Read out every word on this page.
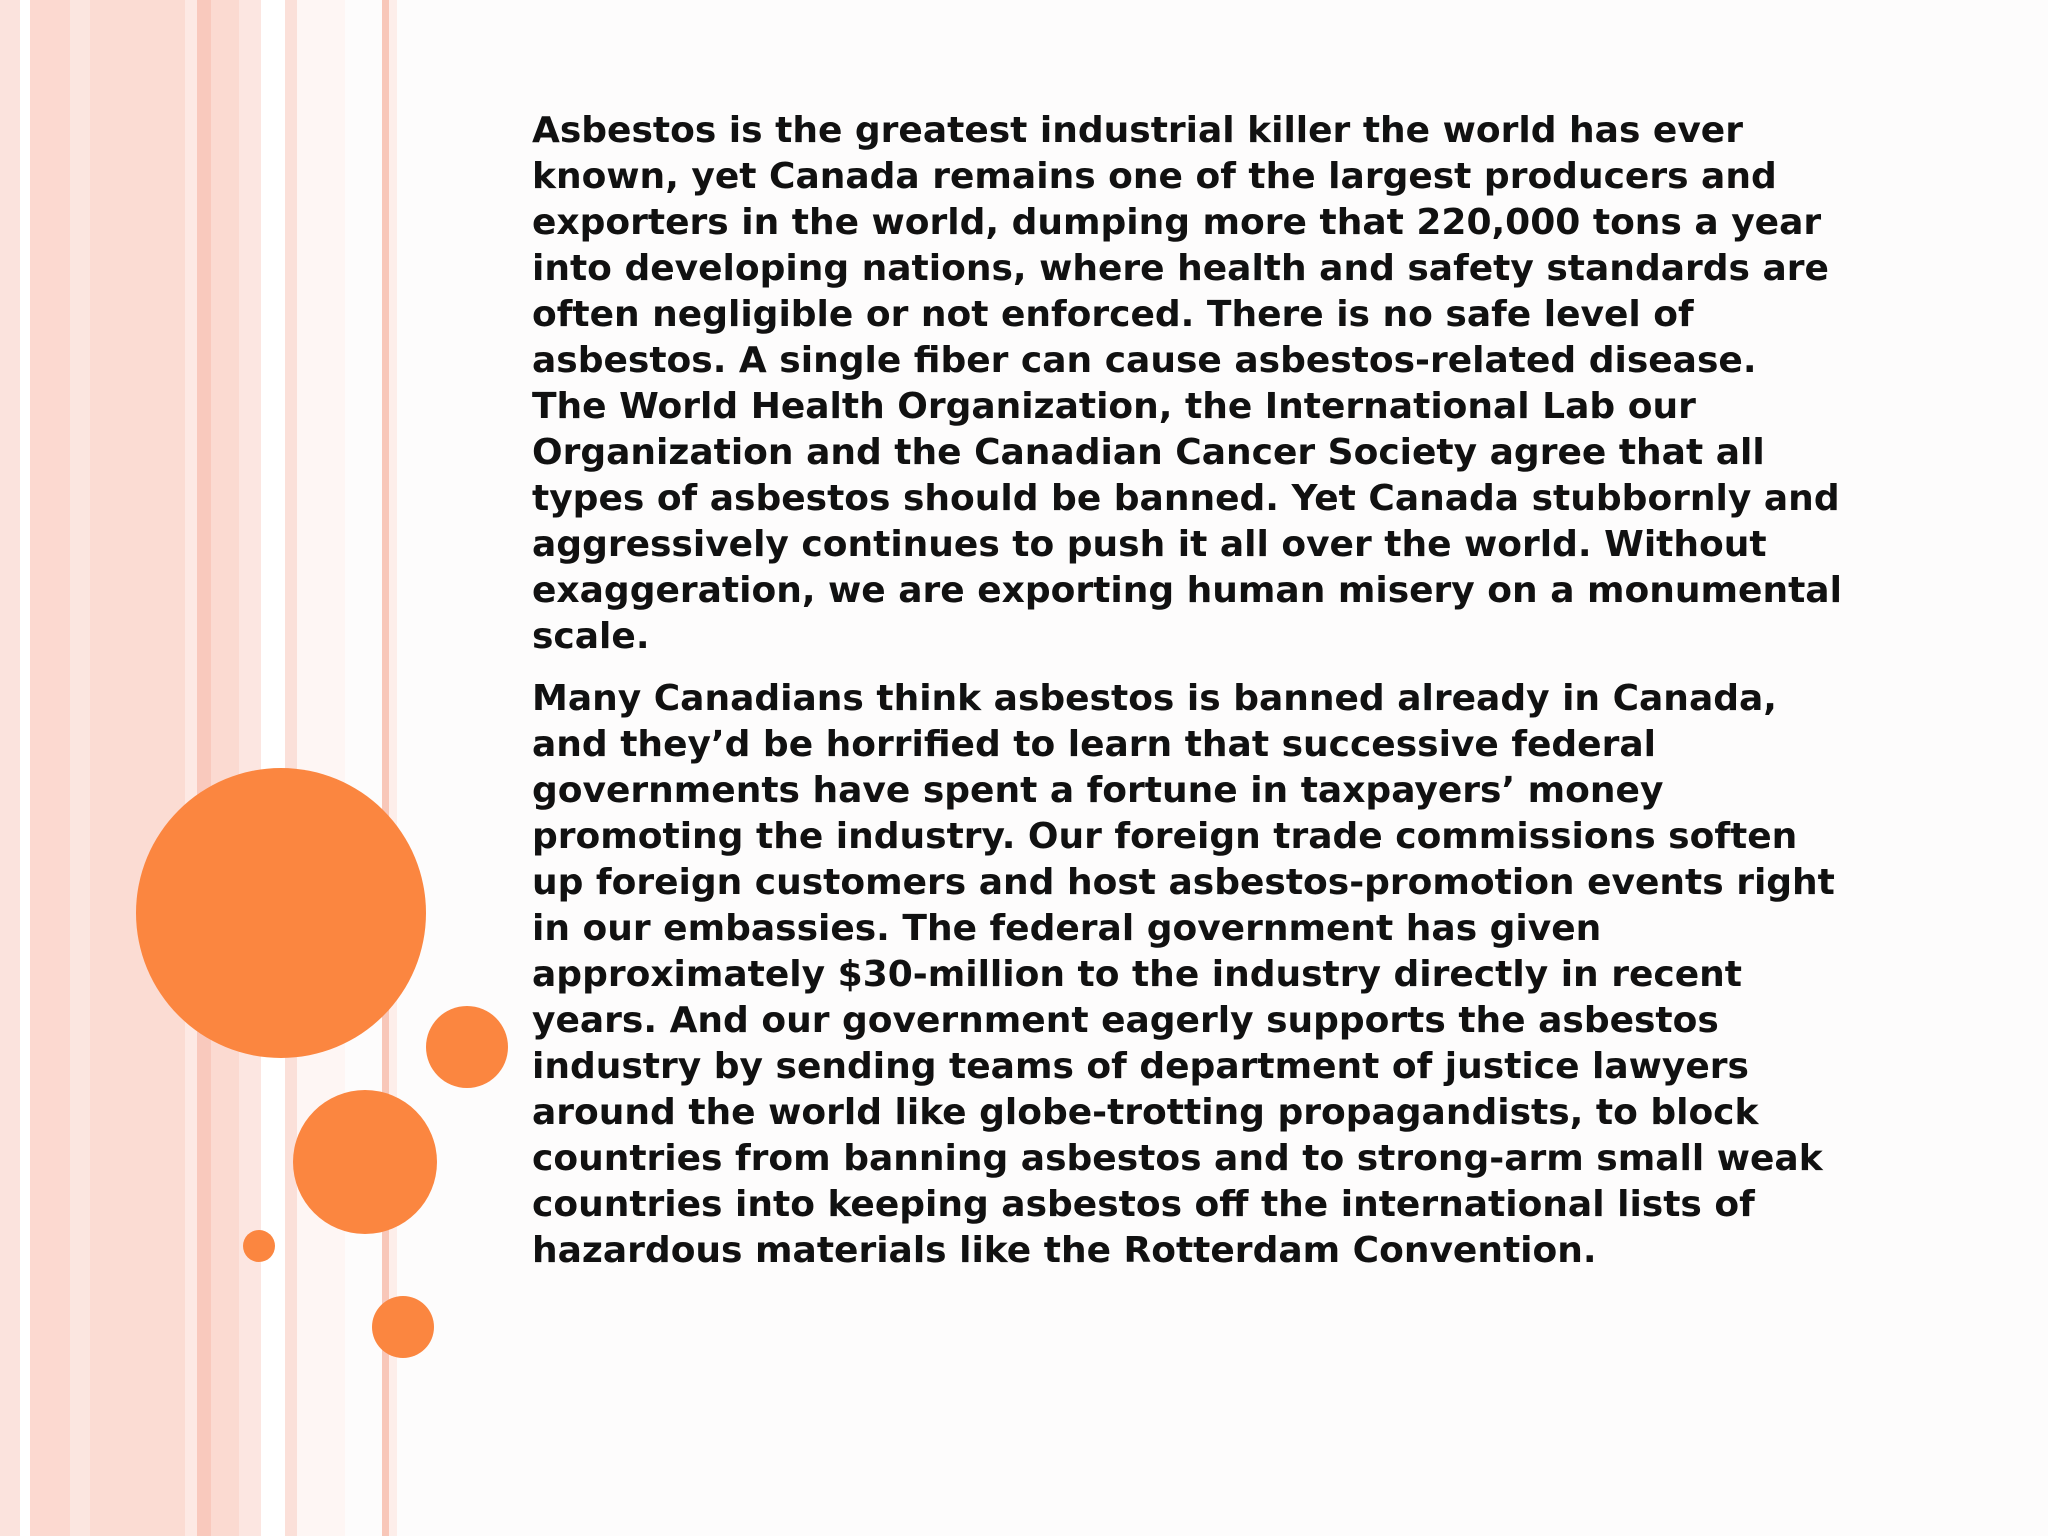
Asbestos is the greatest industrial killer the world has ever
known, yet Canada remains one of the largest producers and
exporters in the world, dumping more that 220,000 tons a year
into developing nations, where health and safety standards are
often negligible or not enforced. There is no safe level of
asbestos. A single fiber can cause asbestos-related disease.
The World Health Organization, the International Lab our
Organization and the Canadian Cancer Society agree that all
types of asbestos should be banned. Yet Canada stubbornly and
aggressively continues to push it all over the world. Without
exaggeration, we are exporting human misery on a monumental
scale.

Many Canadians think asbestos is banned already in Canada,
and they’d be horrified to learn that successive federal
governments have spent a fortune in taxpayers’ money
promoting the industry. Our foreign trade commissions soften
up foreign customers and host asbestos-promotion events right
in our embassies. The federal government has given
approximately $30-million to the industry directly in recent
years. And our government eagerly supports the asbestos
industry by sending teams of department of justice lawyers
around the world like globe-trotting propagandists, to block
countries from banning asbestos and to strong-arm small weak
countries into keeping asbestos off the international lists of
hazardous materials like the Rotterdam Convention.
